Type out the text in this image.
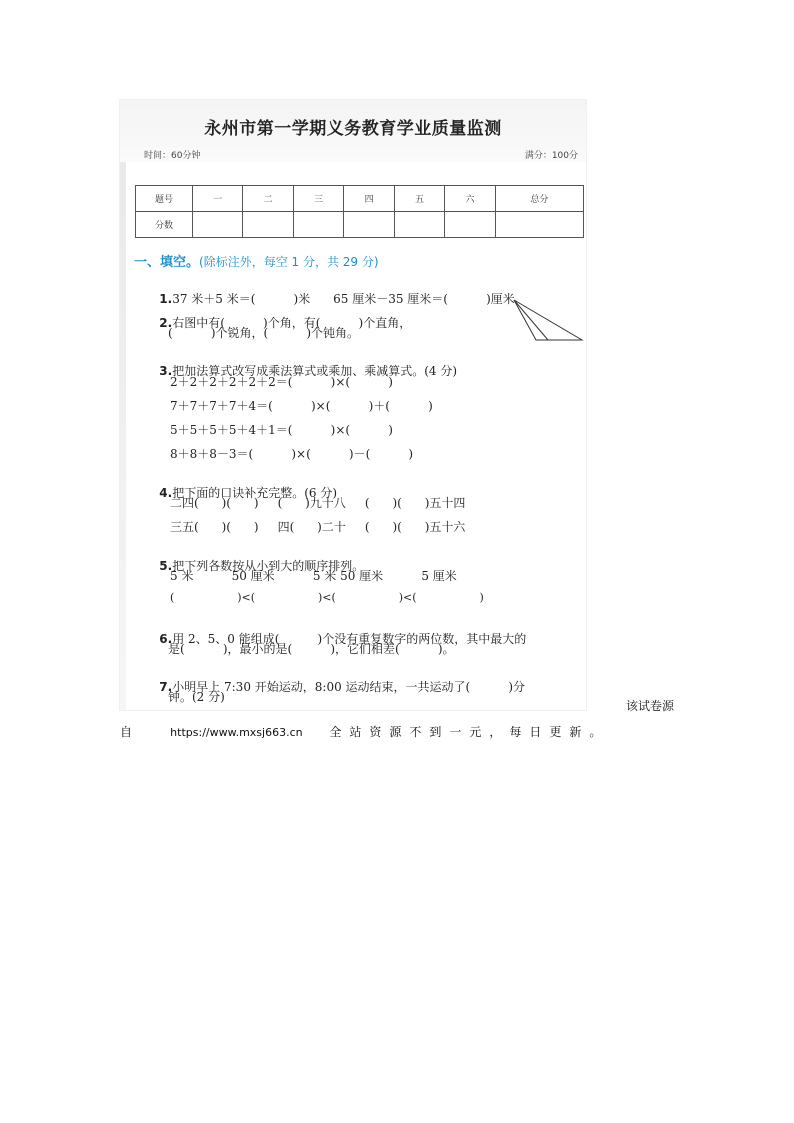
永州市第一学期义务教育学业质量监测
时间：60分钟	满分：100分
题号	一	二	三	四	五	六	总分
分数							
一、填空。(除标注外，每空 1 分，共 29 分)

1.37 米＋5 米＝(          )米      65 厘米－35 厘米＝(          )厘米

2.右图中有(          )个角，有(          )个直角，

(          )个锐角，(          )个钝角。

3.把加法算式改写成乘法算式或乘加、乘减算式。(4 分)

2＋2＋2＋2＋2＋2＝(          )×(          )
7＋7＋7＋7＋4＝(          )×(          )＋(          )
5＋5＋5＋5＋4＋1＝(          )×(          )
8＋8＋8－3＝(          )×(          )－(          )

4.把下面的口诀补充完整。(6 分)

二四(      )(      )     (      )九十八     (      )(      )五十四
三五(      )(      )     四(      )二十     (      )(      )五十六

5.把下列各数按从小到大的顺序排列。

5 米          50 厘米          5 米 50 厘米          5 厘米
(                  )<(                  )<(                  )<(                  )

6.用 2、5、0 能组成(          )个没有重复数字的两位数，其中最大的

是(          )，最小的是(          )，它们相差(          )。

7.小明早上 7:30 开始运动，8:00 运动结束，一共运动了(          )分

钟。(2 分)
该试卷源
自	https://www.mxsj663.cn 全站资源不到一元，每日更新。
